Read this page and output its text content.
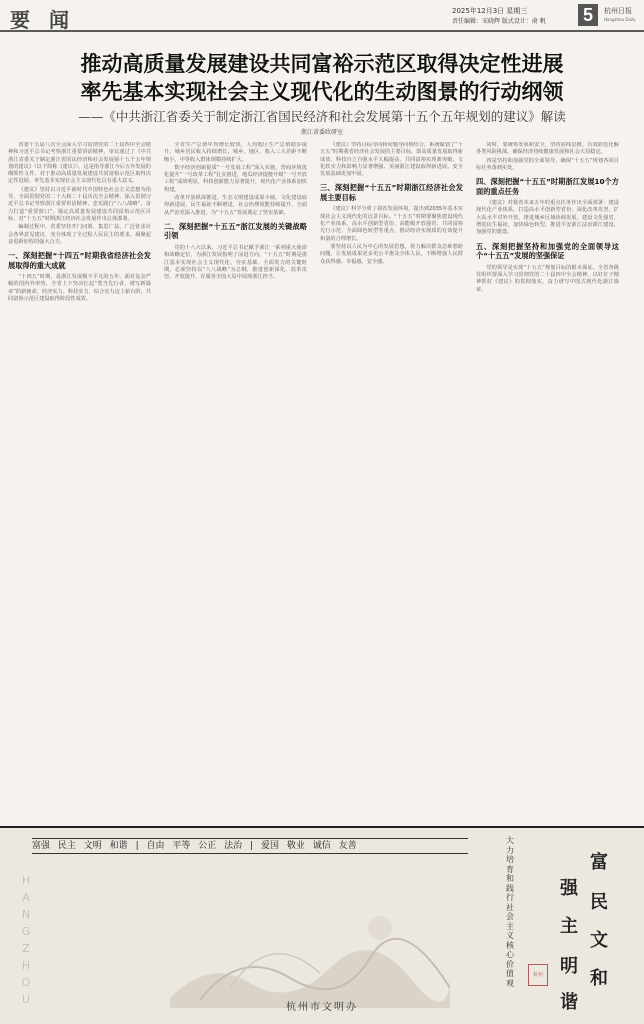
要 闻	2025年12月3日 星期三
责任编辑：宋晓辉 版式设计：俞 帆 5	杭州日报
Hangzhou Daily
推动高质量发展建设共同富裕示范区取得决定性进展
率先基本实现社会主义现代化的生动图景的行动纲领
——《中共浙江省委关于制定浙江省国民经济和社会发展第十五个五年规划的建议》解读
浙江省委政研室

省委十五届八次全会深入学习贯彻党的二十届四中全会精神和习近平总书记考察浙江重要讲话精神，审议通过了《中共浙江省委关于制定浙江省国民经济和社会发展第十五个五年规划的建议》（以下简称《建议》）。这是指导浙江今后五年发展的纲领性文件，对于推动高质量发展建设共同富裕示范区取得决定性进展、率先基本实现社会主义现代化具有重大意义。

《建议》坚持以习近平新时代中国特色社会主义思想为指导，全面贯彻党的二十大和二十届历次全会精神，深入贯彻习近平总书记考察浙江重要讲话精神，忠实践行“八八战略”，奋力打造“重要窗口”，锚定高质量发展建设共同富裕示范区目标，对“十五五”时期浙江经济社会发展作出总体部署。

编制过程中，省委坚持开门问策、集思广益，广泛征求社会各界意见建议，充分体现了全过程人民民主的要求，凝聚起奋进新征程的强大合力。

一、深刻把握“十四五”时期我省经济社会发展取得的重大成就

“十四五”时期，是浙江发展极不平凡的五年。面对复杂严峻的国内外形势，全省上下坚决扛起“勇当先行者、谱写新篇章”的新使命，经济实力、科技实力、综合实力迈上新台阶，共同富裕示范区建设取得阶段性成效。

全省生产总值年均增长较快，人均地区生产总值稳步提升，城乡居民收入持续增长，城乡、地区、收入三大差距不断缩小，中等收入群体规模持续扩大。

数字经济创新提质“一号发展工程”深入实施，营商环境优化提升“一号改革工程”扎实推进，地瓜经济提能升级“一号开放工程”成效明显，科技创新能力显著提升，现代化产业体系加快构建。

改革开放纵深推进，生态文明建设成果丰硕，文化建设取得新进展，民生福祉不断增进，社会治理效能持续提升，全面从严治党深入推进，为“十五五”发展奠定了坚实基础。

二、深刻把握“十五五”浙江发展的关键战略引领

党的十八大以来，习近平总书记赋予浙江一系列重大使命和战略定位，为浙江发展指明了前进方向。“十五五”时期是浙江基本实现社会主义现代化、夯实基础、全面发力的关键时期，必须坚持以“八八战略”为总纲，推进创新深化、改革攻坚、开放提升，在服务全国大局中展现浙江担当。

《建议》坚持目标导向和问题导向相结合，系统谋划了“十五五”时期我省经济社会发展的主要目标，即高质量发展取得新成效、科技自立自强水平大幅提高、共同富裕实现新突破、文化软实力和影响力显著增强、美丽浙江建设取得新进展、安全发展基础更加牢固。

三、深刻把握“十五五”时期浙江经济社会发展主要目标

《建议》科学分析了我省发展环境，提出到2035年基本实现社会主义现代化的远景目标。“十五五”时期要聚焦建设现代化产业体系、高水平创新型省份、高能级开放强省、共同富裕先行示范、全面绿色转型等重点，推动经济实现质的有效提升和量的合理增长。

要坚持以人民为中心的发展思想，着力解决群众急难愁盼问题，让发展成果更多更公平惠及全体人民，不断增强人民群众获得感、幸福感、安全感。

同时，要统筹发展和安全，坚持底线思维，有效防范化解各类风险挑战，确保经济持续健康发展和社会大局稳定。

四是坚持和加强党的全面领导，确保“十五五”规划各项目标任务落到实处。

四、深刻把握“十五五”时期浙江发展10个方面的重点任务

《建议》对我省未来五年的重点任务作出全面部署：建设现代化产业体系，打造高水平创新型省份，深化改革攻坚，扩大高水平对外开放，推进城乡区域协调发展，建设文化强省，增进民生福祉，加快绿色转型，推进平安浙江法治浙江建设，加强党的建设。

五、深刻把握坚持和加强党的全面领导这个“十五五”发展的坚强保证

党的领导是实现“十五五”规划目标的根本保证。全省各级党组织要深入学习贯彻党的二十届四中全会精神，以钉钉子精神抓好《建议》的贯彻落实，奋力谱写中国式现代化浙江篇章。

富强 民主 文明 和谐 | 自由 平等 公正 法治 | 爱国 敬业 诚信 友善
H
A
N
G
Z
H
O
U
大
力
培
育
和
践
行
社
会
主
义
核
心
价
值
观
富
强
民
主
文
明
和
谐
杭州
杭州市文明办
